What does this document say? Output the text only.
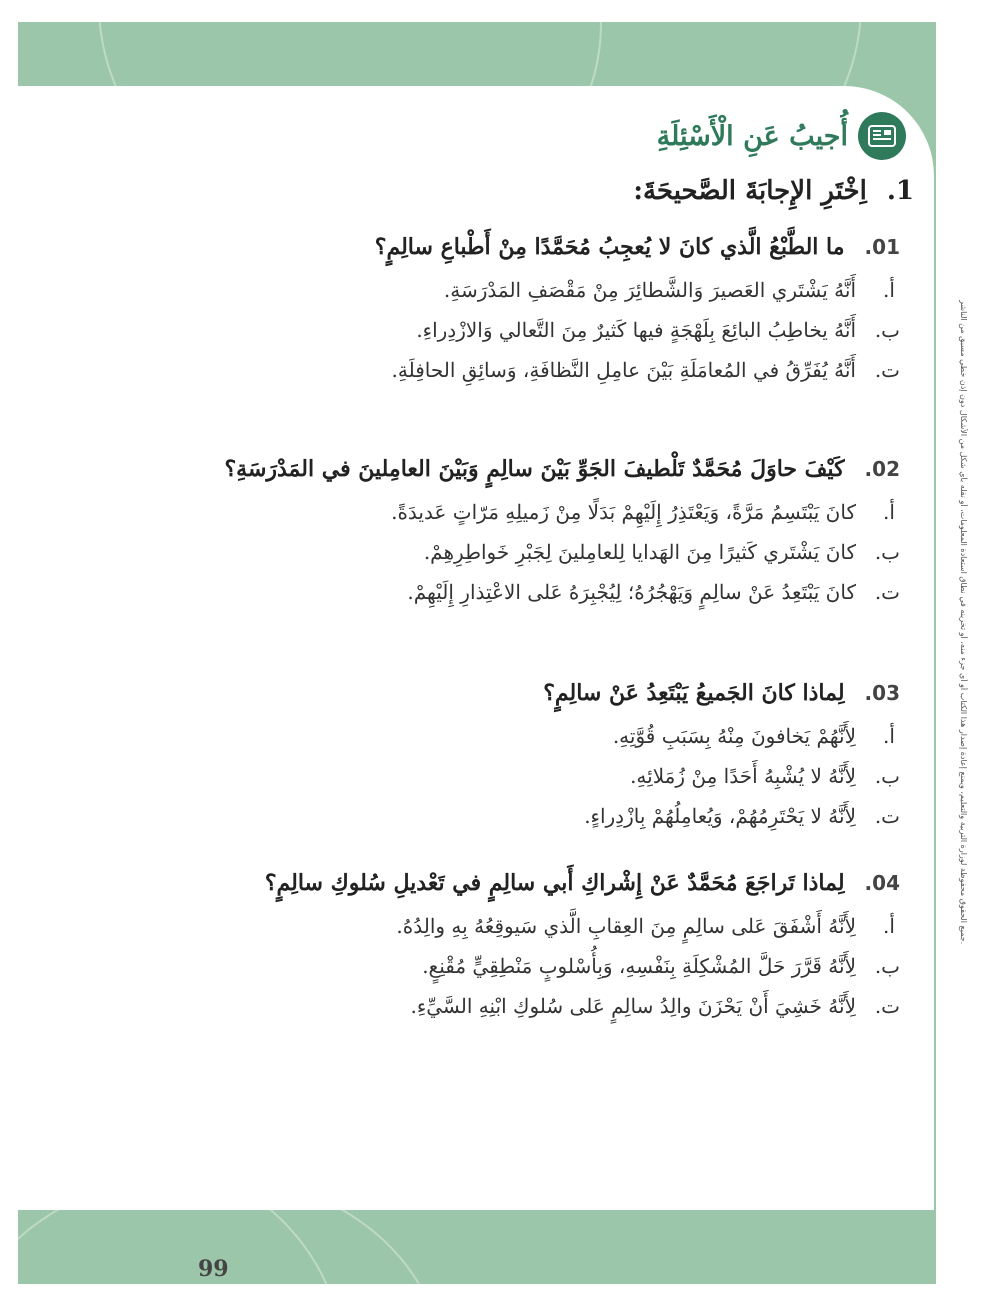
جميع الحقوق محفوظة لوزارة التربية والتعليم، ويمنع إعادة إصدار هذا الكتاب أو أي جزء منه، أو تخزينه في نطاق استعادة المعلومات، أو نقله بأي شكل من الأشكال دون إذن خطي مسبق من الناشر.
أُجيبُ عَنِ الْأَسْئِلَةِ
1.
اِخْتَرِ الإِجابَةَ الصَّحيحَةَ:
01.
ما الطَّبْعُ الَّذي كانَ لا يُعجِبُ مُحَمَّدًا مِنْ أَطْباعِ سالِمٍ؟
أ.
أَنَّهُ يَشْتَري العَصيرَ وَالشَّطائِرَ مِنْ مَقْصَفِ المَدْرَسَةِ.
ب.
أَنَّهُ يخاطِبُ البائِعَ بِلَهْجَةٍ فيها كَثيرٌ مِنَ التَّعالي وَالازْدِراءِ.
ت.
أَنَّهُ يُفَرِّقُ في المُعامَلَةِ بَيْنَ عامِلِ النَّظافَةِ، وَسائِقِ الحافِلَةِ.
02.
كَيْفَ حاوَلَ مُحَمَّدٌ تَلْطيفَ الجَوِّ بَيْنَ سالِمٍ وَبَيْنَ العامِلينَ في المَدْرَسَةِ؟
أ.
كانَ يَبْتَسِمُ مَرَّةً، وَيَعْتَذِرُ إِلَيْهِمْ بَدَلًا مِنْ زَميلِهِ مَرّاتٍ عَديدَةً.
ب.
كانَ يَشْتَري كَثيرًا مِنَ الهَدايا لِلعامِلينَ لِجَبْرِ خَواطِرِهِمْ.
ت.
كانَ يَبْتَعِدُ عَنْ سالِمٍ وَيَهْجُرُهُ؛ لِيُجْبِرَهُ عَلى الاعْتِذارِ إِلَيْهِمْ.
03.
لِماذا كانَ الجَميعُ يَبْتَعِدُ عَنْ سالِمٍ؟
أ.
لِأَنَّهُمْ يَخافونَ مِنْهُ بِسَبَبِ قُوَّتِهِ.
ب.
لِأَنَّهُ لا يُشْبِهُ أَحَدًا مِنْ زُمَلائِهِ.
ت.
لِأَنَّهُ لا يَحْتَرِمُهُمْ، وَيُعامِلُهُمْ بِازْدِراءٍ.
04.
لِماذا تَراجَعَ مُحَمَّدٌ عَنْ إِشْراكِ أَبي سالِمٍ في تَعْديلِ سُلوكِ سالِمٍ؟
أ.
لِأَنَّهُ أَشْفَقَ عَلى سالِمٍ مِنَ العِقابِ الَّذي سَيوقِعُهُ بِهِ والِدُهُ.
ب.
لِأَنَّهُ قَرَّرَ حَلَّ المُشْكِلَةِ بِنَفْسِهِ، وَبِأُسْلوبٍ مَنْطِقِيٍّ مُقْنِعٍ.
ت.
لِأَنَّهُ خَشِيَ أَنْ يَحْزَنَ والِدُ سالِمٍ عَلى سُلوكِ ابْنِهِ السَّيِّءِ.
99
